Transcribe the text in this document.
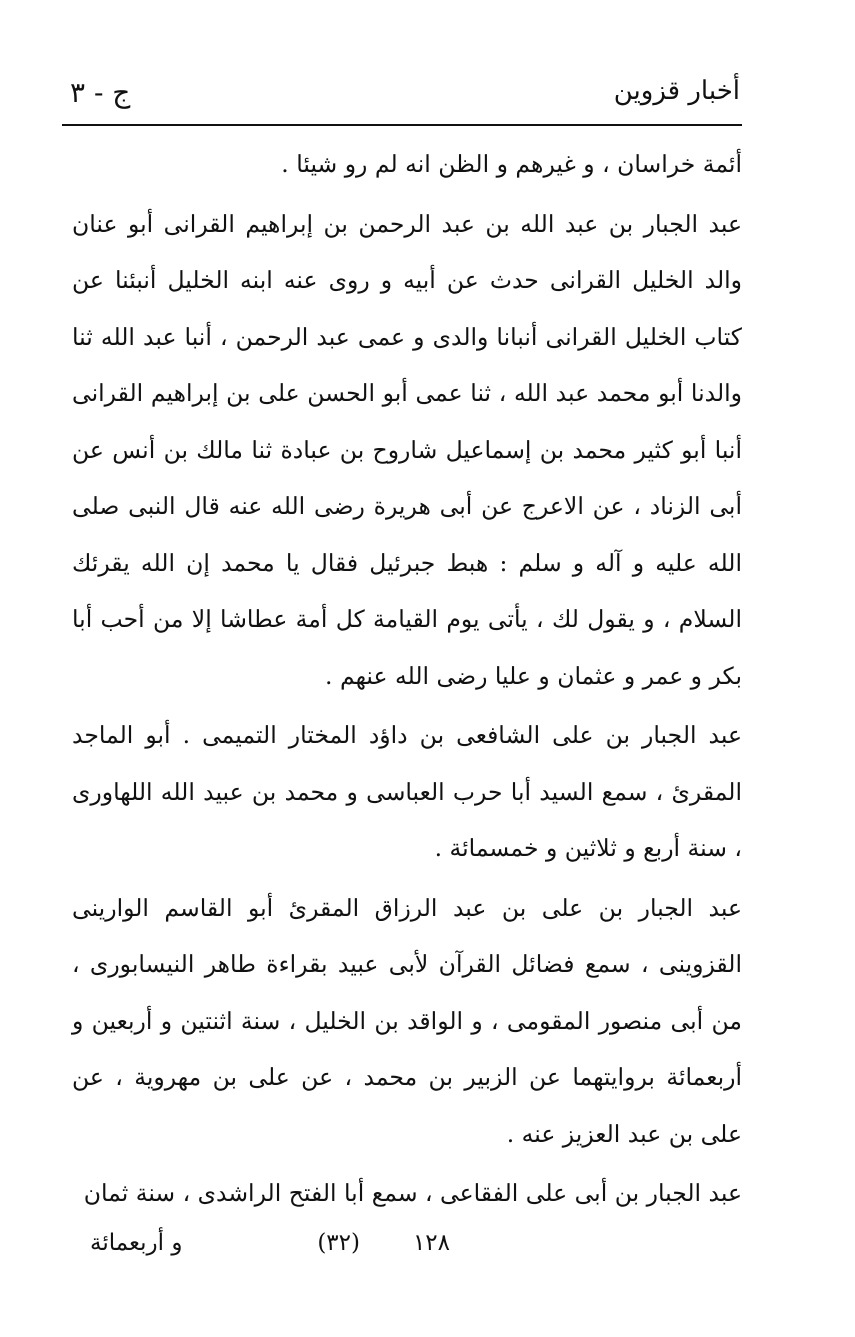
أخبار قزوين
ج - ٣

أئمة خراسان ، و غيرهم و الظن انه لم رو شيئا .

عبد الجبار بن عبد الله بن عبد الرحمن بن إبراهيم القرانى أبو عنان والد الخليل القرانى حدث عن أبيه و روى عنه ابنه الخليل أنبئنا عن كتاب الخليل القرانى أنبانا والدى و عمى عبد الرحمن ، أنبا عبد الله ثنا والدنا أبو محمد عبد الله ، ثنا عمى أبو الحسن على بن إبراهيم القرانى أنبا أبو كثير محمد بن إسماعيل شاروح بن عبادة ثنا مالك بن أنس عن أبى الزناد ، عن الاعرج عن أبى هريرة رضى الله عنه قال النبى صلى الله عليه و آله و سلم : هبط جبرئيل فقال يا محمد إن الله يقرئك السلام ، و يقول لك ، يأتى يوم القيامة كل أمة عطاشا إلا من أحب أبا بكر و عمر و عثمان و عليا رضى الله عنهم .

عبد الجبار بن على الشافعى بن داؤد المختار التميمى . أبو الماجد المقرئ ، سمع السيد أبا حرب العباسى و محمد بن عبيد الله اللهاورى ، سنة أربع و ثلاثين و خمسمائة .

عبد الجبار بن على بن عبد الرزاق المقرئ أبو القاسم الوارينى القزوينى ، سمع فضائل القرآن لأبى عبيد بقراءة طاهر النيسابورى ، من أبى منصور المقومى ، و الواقد بن الخليل ، سنة اثنتين و أربعين و أربعمائة بروايتهما عن الزبير بن محمد ، عن على بن مهروية ، عن على بن عبد العزيز عنه .

عبد الجبار بن أبى على الفقاعى ، سمع أبا الفتح الراشدى ، سنة ثمان

١٢٨
(٣٢)
و أربعمائة
